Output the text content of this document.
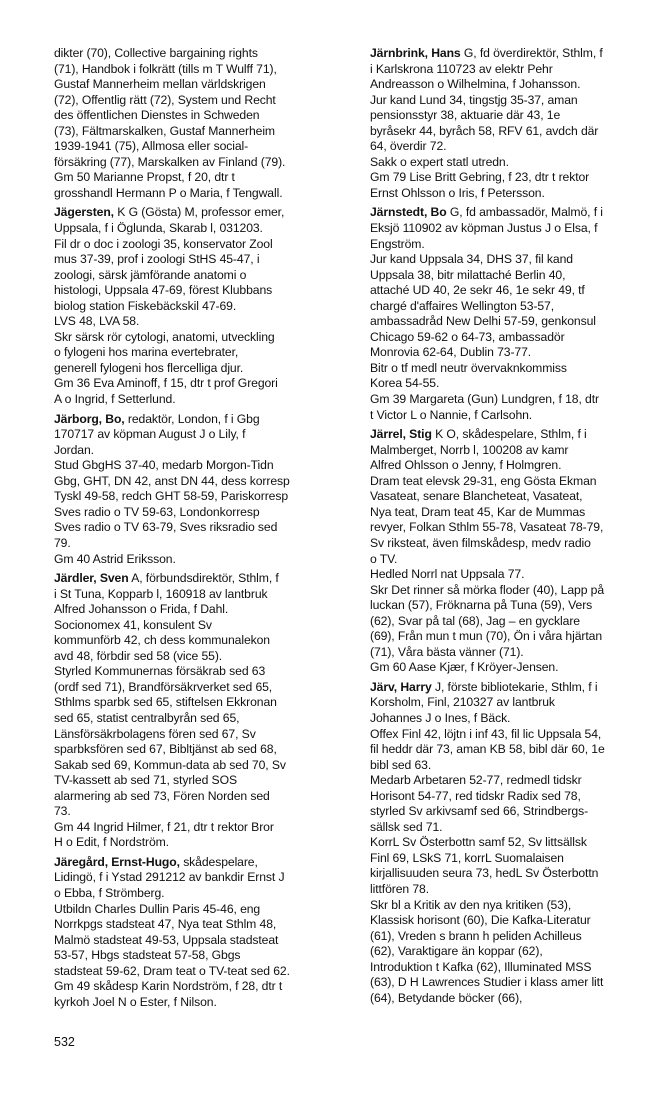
dikter (70), Collective bargaining rights

(71), Handbok i folkrätt (tills m T Wulff 71),

Gustaf Mannerheim mellan världskrigen

(72), Offentlig rätt (72), System und Recht

des öffentlichen Dienstes in Schweden

(73), Fältmarskalken, Gustaf Mannerheim

1939-1941 (75), Allmosa eller social-

försäkring (77), Marskalken av Finland (79).

Gm 50 Marianne Propst, f 20, dtr t

grosshandl Hermann P o Maria, f Tengwall.

Jägersten, K G (Gösta) M, professor emer,

Uppsala, f i Öglunda, Skarab l, 031203.

Fil dr o doc i zoologi 35, konservator Zool

mus 37-39, prof i zoologi StHS 45-47, i

zoologi, särsk jämförande anatomi o

histologi, Uppsala 47-69, förest Klubbans

biolog station Fiskebäckskil 47-69.

LVS 48, LVA 58.

Skr särsk rör cytologi, anatomi, utveckling

o fylogeni hos marina evertebrater,

generell fylogeni hos flercelliga djur.

Gm 36 Eva Aminoff, f 15, dtr t prof Gregori

A o Ingrid, f Setterlund.

Järborg, Bo, redaktör, London, f i Gbg

170717 av köpman August J o Lily, f

Jordan.

Stud GbgHS 37-40, medarb Morgon-Tidn

Gbg, GHT, DN 42, anst DN 44, dess korresp

Tyskl 49-58, redch GHT 58-59, Pariskorresp

Sves radio o TV 59-63, Londonkorresp

Sves radio o TV 63-79, Sves riksradio sed

79.

Gm 40 Astrid Eriksson.

Järdler, Sven A, förbundsdirektör, Sthlm, f

i St Tuna, Kopparb l, 160918 av lantbruk

Alfred Johansson o Frida, f Dahl.

Socionomex 41, konsulent Sv

kommunförb 42, ch dess kommunalekon

avd 48, förbdir sed 58 (vice 55).

Styrled Kommunernas försäkrab sed 63

(ordf sed 71), Brandförsäkrverket sed 65,

Sthlms sparbk sed 65, stiftelsen Ekkronan

sed 65, statist centralbyrån sed 65,

Länsförsäkrbolagens fören sed 67, Sv

sparbksfören sed 67, Bibltjänst ab sed 68,

Sakab sed 69, Kommun-data ab sed 70, Sv

TV-kassett ab sed 71, styrled SOS

alarmering ab sed 73, Fören Norden sed

73.

Gm 44 Ingrid Hilmer, f 21, dtr t rektor Bror

H o Edit, f Nordström.

Järegård, Ernst-Hugo, skådespelare,

Lidingö, f i Ystad 291212 av bankdir Ernst J

o Ebba, f Strömberg.

Utbildn Charles Dullin Paris 45-46, eng

Norrkpgs stadsteat 47, Nya teat Sthlm 48,

Malmö stadsteat 49-53, Uppsala stadsteat

53-57, Hbgs stadsteat 57-58, Gbgs

stadsteat 59-62, Dram teat o TV-teat sed 62.

Gm 49 skådesp Karin Nordström, f 28, dtr t

kyrkoh Joel N o Ester, f Nilson.

Järnbrink, Hans G, fd överdirektör, Sthlm, f

i Karlskrona 110723 av elektr Pehr

Andreasson o Wilhelmina, f Johansson.

Jur kand Lund 34, tingstjg 35-37, aman

pensionsstyr 38, aktuarie där 43, 1e

byråsekr 44, byråch 58, RFV 61, avdch där

64, överdir 72.

Sakk o expert statl utredn.

Gm 79 Lise Britt Gebring, f 23, dtr t rektor

Ernst Ohlsson o Iris, f Petersson.

Järnstedt, Bo G, fd ambassadör, Malmö, f i

Eksjö 110902 av köpman Justus J o Elsa, f

Engström.

Jur kand Uppsala 34, DHS 37, fil kand

Uppsala 38, bitr milattaché Berlin 40,

attaché UD 40, 2e sekr 46, 1e sekr 49, tf

chargé d'affaires Wellington 53-57,

ambassadråd New Delhi 57-59, genkonsul

Chicago 59-62 o 64-73, ambassadör

Monrovia 62-64, Dublin 73-77.

Bitr o tf medl neutr övervaknkommiss

Korea 54-55.

Gm 39 Margareta (Gun) Lundgren, f 18, dtr

t Victor L o Nannie, f Carlsohn.

Järrel, Stig K O, skådespelare, Sthlm, f i

Malmberget, Norrb l, 100208 av kamr

Alfred Ohlsson o Jenny, f Holmgren.

Dram teat elevsk 29-31, eng Gösta Ekman

Vasateat, senare Blancheteat, Vasateat,

Nya teat, Dram teat 45, Kar de Mummas

revyer, Folkan Sthlm 55-78, Vasateat 78-79,

Sv riksteat, även filmskådesp, medv radio

o TV.

Hedled Norrl nat Uppsala 77.

Skr Det rinner så mörka floder (40), Lapp på

luckan (57), Fröknarna på Tuna (59), Vers

(62), Svar på tal (68), Jag – en gycklare

(69), Från mun t mun (70), Ön i våra hjärtan

(71), Våra bästa vänner (71).

Gm 60 Aase Kjær, f Kröyer-Jensen.

Järv, Harry J, förste bibliotekarie, Sthlm, f i

Korsholm, Finl, 210327 av lantbruk

Johannes J o Ines, f Bäck.

Offex Finl 42, löjtn i inf 43, fil lic Uppsala 54,

fil heddr där 73, aman KB 58, bibl där 60, 1e

bibl sed 63.

Medarb Arbetaren 52-77, redmedl tidskr

Horisont 54-77, red tidskr Radix sed 78,

styrled Sv arkivsamf sed 66, Strindbergs-

sällsk sed 71.

KorrL Sv Österbottn samf 52, Sv littsällsk

Finl 69, LSkS 71, korrL Suomalaisen

kirjallisuuden seura 73, hedL Sv Österbottn

littfören 78.

Skr bl a Kritik av den nya kritiken (53),

Klassisk horisont (60), Die Kafka-Literatur

(61), Vreden s brann h peliden Achilleus

(62), Varaktigare än koppar (62),

Introduktion t Kafka (62), Illuminated MSS

(63), D H Lawrences Studier i klass amer litt

(64), Betydande böcker (66),

532
